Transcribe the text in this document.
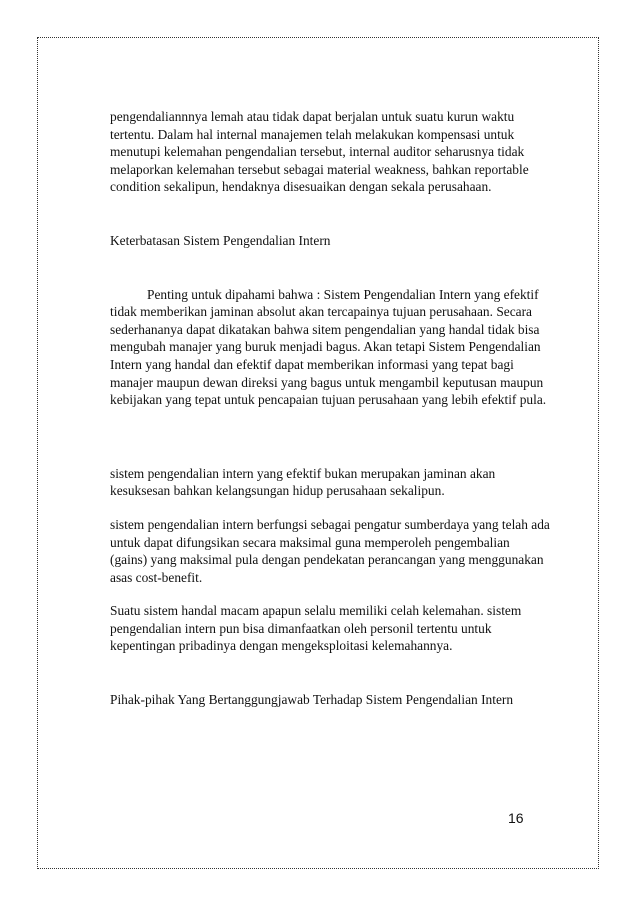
pengendaliannnya lemah atau tidak dapat berjalan untuk suatu kurun waktu tertentu. Dalam hal internal manajemen telah melakukan kompensasi untuk menutupi kelemahan pengendalian tersebut, internal auditor seharusnya tidak melaporkan kelemahan tersebut sebagai material weakness, bahkan reportable condition sekalipun, hendaknya disesuaikan dengan sekala perusahaan.

Keterbatasan Sistem Pengendalian Intern

Penting untuk dipahami bahwa : Sistem Pengendalian Intern yang efektif tidak memberikan jaminan absolut akan tercapainya tujuan perusahaan. Secara sederhananya dapat dikatakan bahwa sitem pengendalian yang handal tidak bisa mengubah manajer yang buruk menjadi bagus. Akan tetapi Sistem Pengendalian Intern yang handal dan efektif dapat memberikan informasi yang tepat bagi manajer maupun dewan direksi yang bagus untuk mengambil keputusan maupun kebijakan yang tepat untuk pencapaian tujuan perusahaan yang lebih efektif pula.

sistem pengendalian intern yang efektif bukan merupakan jaminan akan kesuksesan bahkan kelangsungan hidup perusahaan sekalipun.

sistem pengendalian intern berfungsi sebagai pengatur sumberdaya yang telah ada untuk dapat difungsikan secara maksimal guna memperoleh pengembalian (gains) yang maksimal pula dengan pendekatan perancangan yang menggunakan asas cost-benefit.

Suatu sistem handal macam apapun selalu memiliki celah kelemahan. sistem pengendalian intern pun bisa dimanfaatkan oleh personil tertentu untuk kepentingan pribadinya dengan mengeksploitasi kelemahannya.

Pihak-pihak Yang Bertanggungjawab Terhadap Sistem Pengendalian Intern

16
